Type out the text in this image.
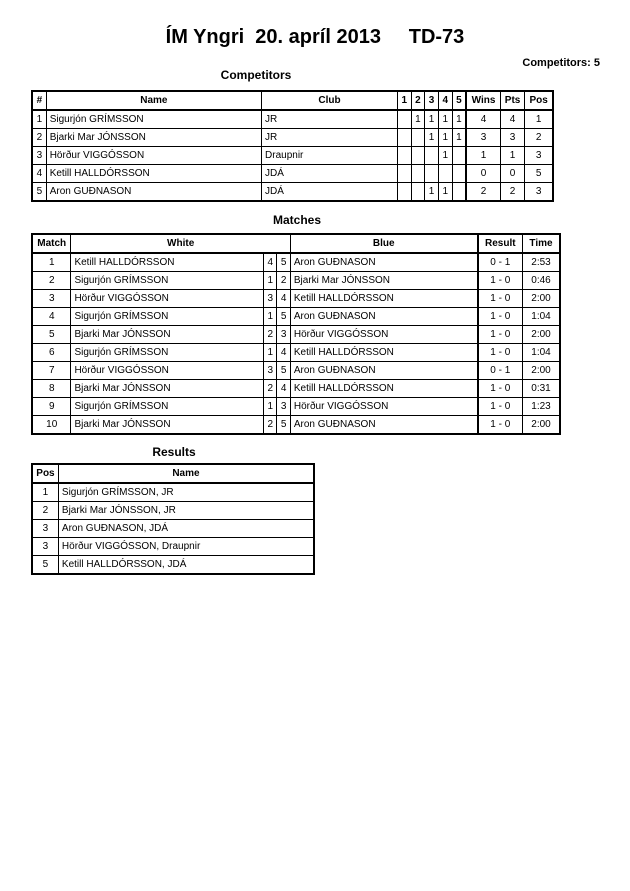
ÍM Yngri  20. apríl 2013     TD-73
Competitors: 5
Competitors
#	Name	Club	1	2	3	4	5	Wins	Pts	Pos
1	Sigurjón GRÍMSSON	JR		1	1	1	1	4	4	1
2	Bjarki Mar JÓNSSON	JR			1	1	1	3	3	2
3	Hörður VIGGÓSSON	Draupnir				1		1	1	3
4	Ketill HALLDÓRSSON	JDÁ						0	0	5
5	Aron GUÐNASON	JDÁ			1	1		2	2	3
Matches
Match	White			Blue	Result	Time
1	Ketill HALLDÓRSSON	4	5	Aron GUÐNASON	0 - 1	2:53
2	Sigurjón GRÍMSSON	1	2	Bjarki Mar JÓNSSON	1 - 0	0:46
3	Hörður VIGGÓSSON	3	4	Ketill HALLDÓRSSON	1 - 0	2:00
4	Sigurjón GRÍMSSON	1	5	Aron GUÐNASON	1 - 0	1:04
5	Bjarki Mar JÓNSSON	2	3	Hörður VIGGÓSSON	1 - 0	2:00
6	Sigurjón GRÍMSSON	1	4	Ketill HALLDÓRSSON	1 - 0	1:04
7	Hörður VIGGÓSSON	3	5	Aron GUÐNASON	0 - 1	2:00
8	Bjarki Mar JÓNSSON	2	4	Ketill HALLDÓRSSON	1 - 0	0:31
9	Sigurjón GRÍMSSON	1	3	Hörður VIGGÓSSON	1 - 0	1:23
10	Bjarki Mar JÓNSSON	2	5	Aron GUÐNASON	1 - 0	2:00
Results
Pos	Name
1	Sigurjón GRÍMSSON, JR
2	Bjarki Mar JÓNSSON, JR
3	Aron GUÐNASON, JDÁ
3	Hörður VIGGÓSSON, Draupnir
5	Ketill HALLDÓRSSON, JDÁ
